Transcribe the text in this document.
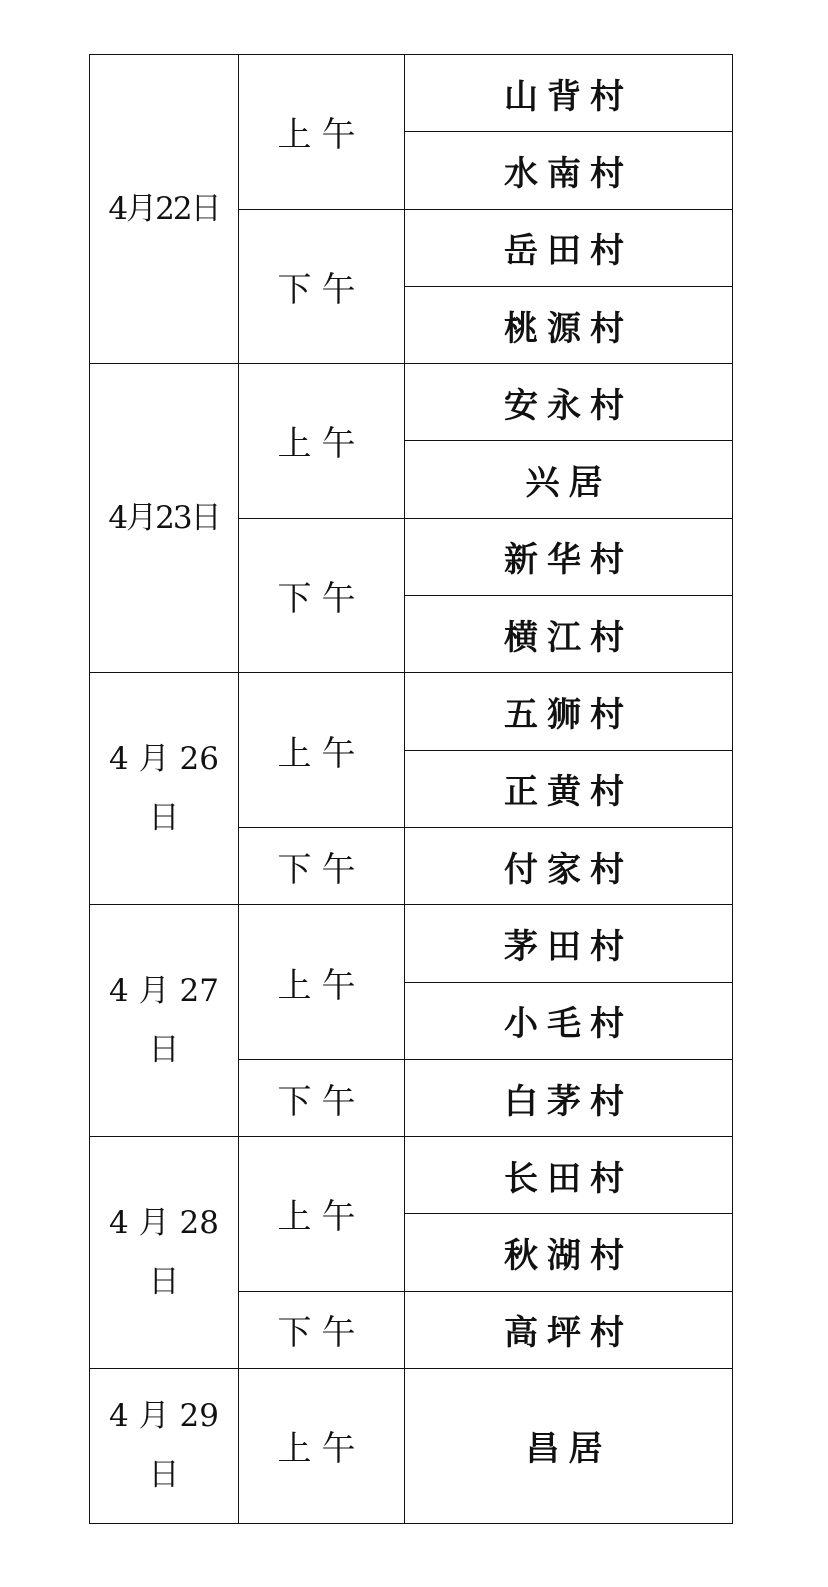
4月22日	上午	山背村
		水南村
	下午	岳田村
		桃源村
4月23日	上午	安永村
		兴居
	下午	新华村
		横江村
4 月 26 日	上午	五狮村
		正黄村
	下午	付家村
4 月 27 日	上午	茅田村
		小毛村
	下午	白茅村
4 月 28 日	上午	长田村
		秋湖村
	下午	高坪村
4 月 29 日	上午	昌居
